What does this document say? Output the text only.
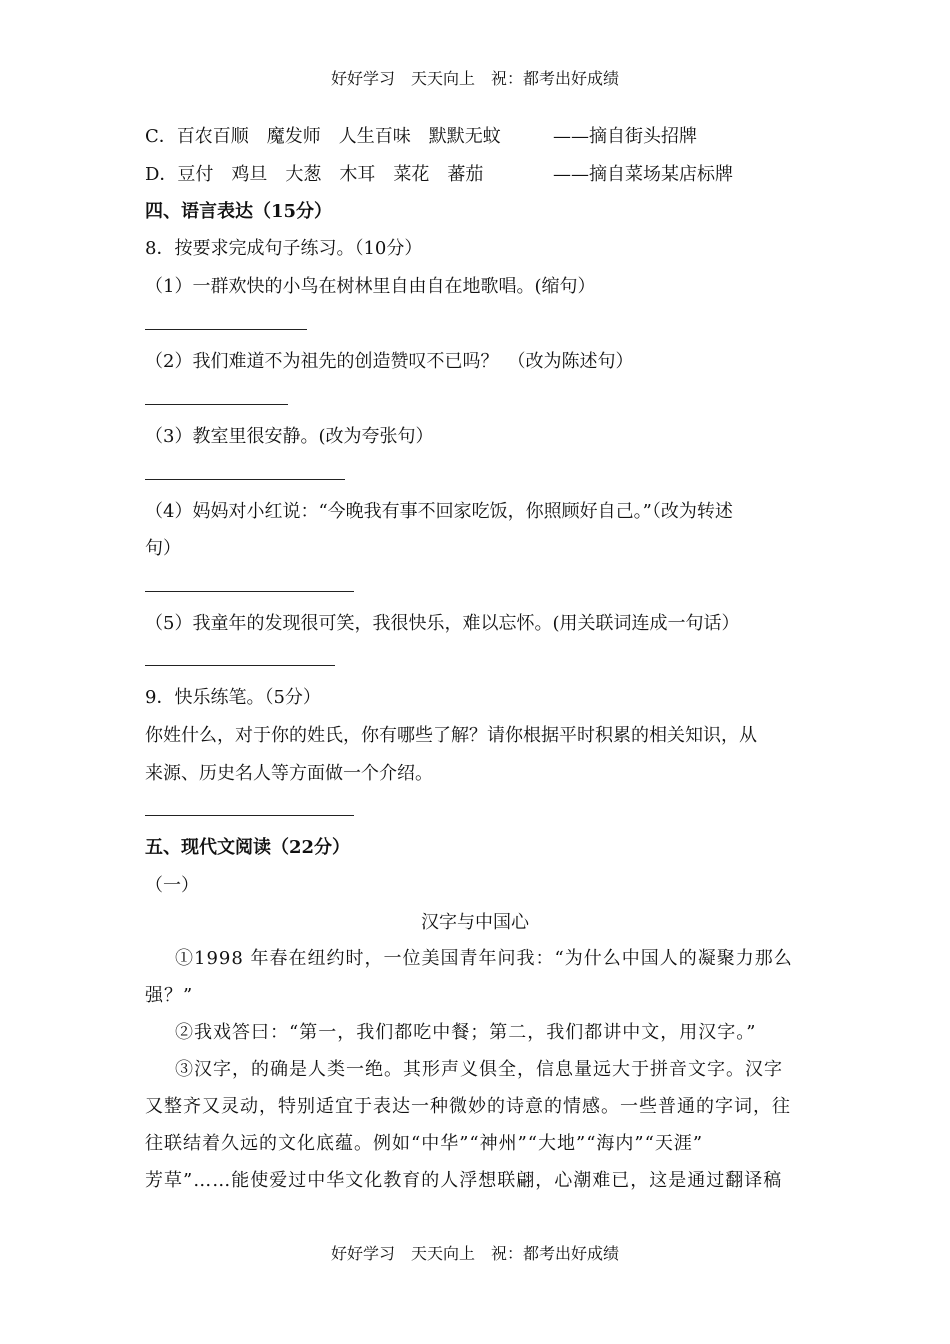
好好学习　天天向上　祝：都考出好成绩
C．百农百顺　魔发师　人生百味　默默无蚊	——摘自街头招牌
D．豆付　鸡旦　大葱　木耳　菜花　蕃茄	——摘自菜场某店标牌
四、语言表达（15分）
8．按要求完成句子练习。（10分）
（1）一群欢快的小鸟在树林里自由自在地歌唱。(缩句）
（2）我们难道不为祖先的创造赞叹不已吗？　（改为陈述句）
（3）教室里很安静。(改为夸张句）
（4）妈妈对小红说：“今晚我有事不回家吃饭，你照顾好自己。”（改为转述
句）
（5）我童年的发现很可笑，我很快乐，难以忘怀。(用关联词连成一句话）
9．快乐练笔。（5分）
你姓什么，对于你的姓氏，你有哪些了解？请你根据平时积累的相关知识，从
来源、历史名人等方面做一个介绍。
五、现代文阅读（22分）
（一）
汉字与中国心
①1998 年春在纽约时，一位美国青年问我：“为什么中国人的凝聚力那么
强？”
②我戏答曰：“第一，我们都吃中餐；第二，我们都讲中文，用汉字。”
③汉字，的确是人类一绝。其形声义俱全，信息量远大于拼音文字。汉字
又整齐又灵动，特别适宜于表达一种微妙的诗意的情感。一些普通的字词，往
往联结着久远的文化底蕴。例如“中华”“神州”“大地”“海内”“天涯”
芳草”……能使爱过中华文化教育的人浮想联翩，心潮难已，这是通过翻译稿
好好学习　天天向上　祝：都考出好成绩
